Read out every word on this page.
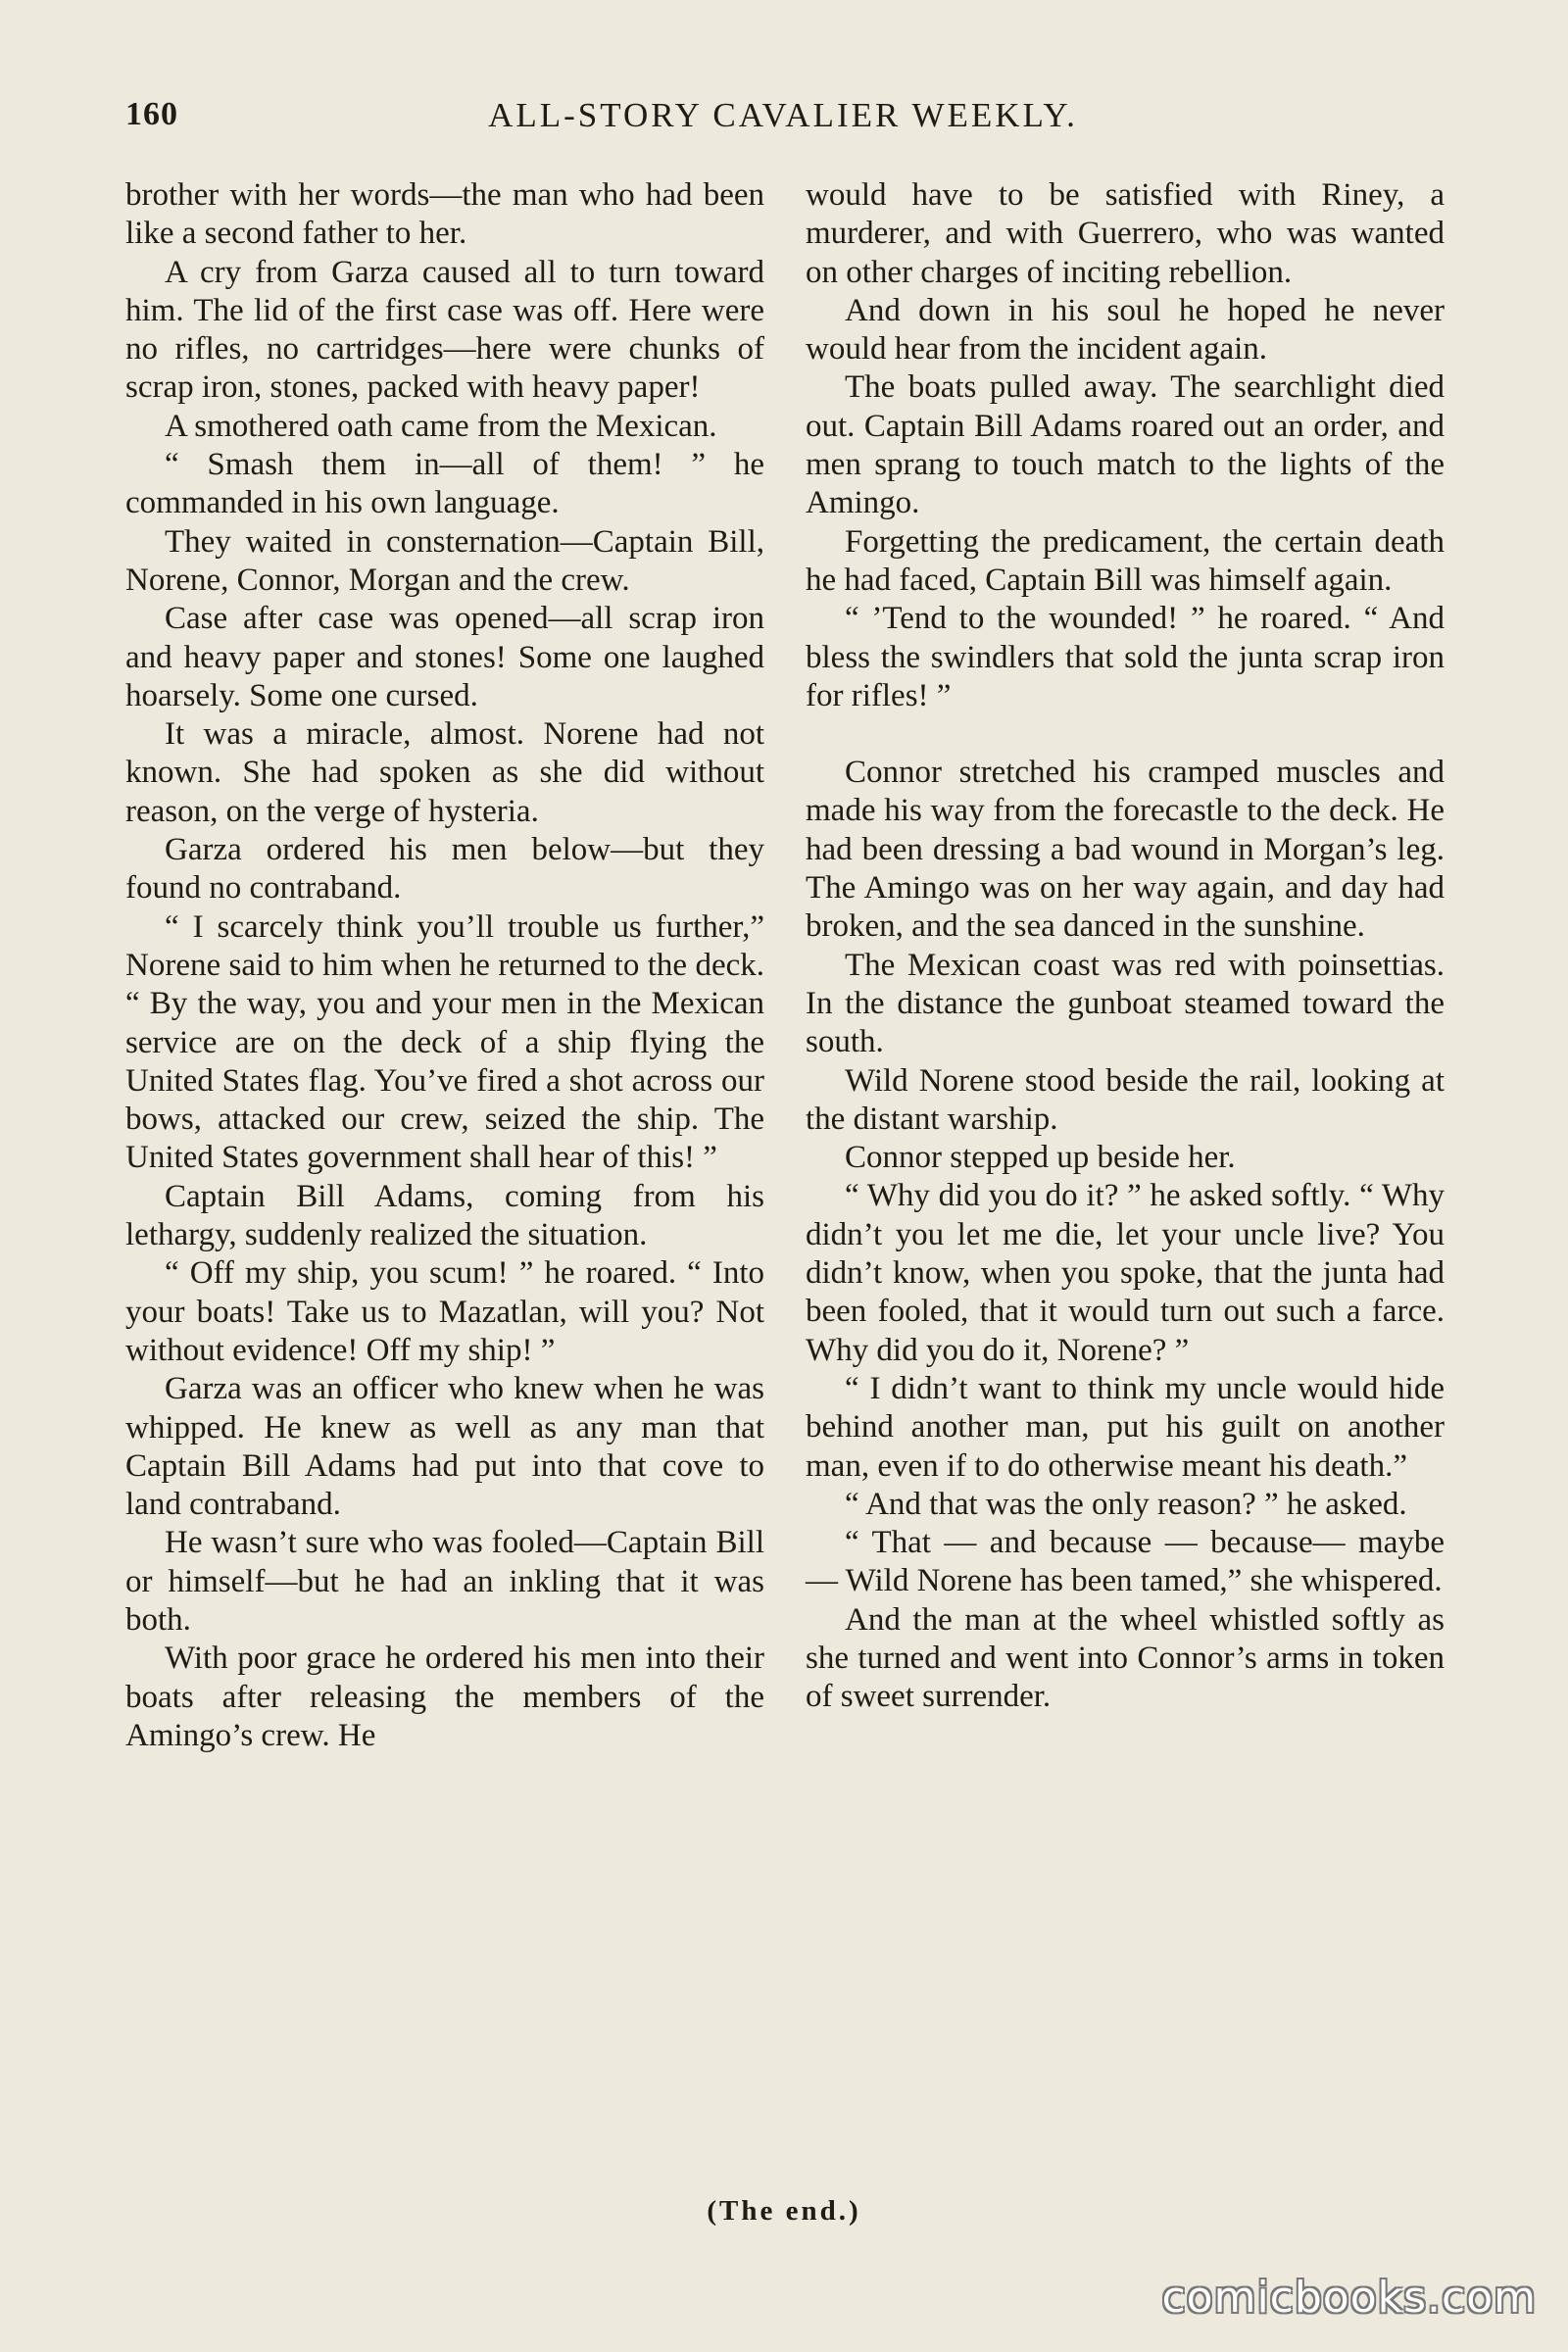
160	ALL-STORY CAVALIER WEEKLY.

brother with her words—the man who had been like a second father to her.

A cry from Garza caused all to turn toward him. The lid of the first case was off. Here were no rifles, no cartridges—here were chunks of scrap iron, stones, packed with heavy paper!

A smothered oath came from the Mexican.

“ Smash them in—all of them! ” he commanded in his own language.

They waited in consternation—Captain Bill, Norene, Connor, Morgan and the crew.

Case after case was opened—all scrap iron and heavy paper and stones! Some one laughed hoarsely. Some one cursed.

It was a miracle, almost. Norene had not known. She had spoken as she did without reason, on the verge of hysteria.

Garza ordered his men below—but they found no contraband.

“ I scarcely think you’ll trouble us further,” Norene said to him when he returned to the deck. “ By the way, you and your men in the Mexican service are on the deck of a ship flying the United States flag. You’ve fired a shot across our bows, attacked our crew, seized the ship. The United States government shall hear of this! ”

Captain Bill Adams, coming from his lethargy, suddenly realized the situation.

“ Off my ship, you scum! ” he roared. “ Into your boats! Take us to Mazatlan, will you? Not without evidence! Off my ship! ”

Garza was an officer who knew when he was whipped. He knew as well as any man that Captain Bill Adams had put into that cove to land contraband.

He wasn’t sure who was fooled—Captain Bill or himself—but he had an inkling that it was both.

With poor grace he ordered his men into their boats after releasing the members of the Amingo’s crew. He

would have to be satisfied with Riney, a murderer, and with Guerrero, who was wanted on other charges of inciting rebellion.

And down in his soul he hoped he never would hear from the incident again.

The boats pulled away. The searchlight died out. Captain Bill Adams roared out an order, and men sprang to touch match to the lights of the Amingo.

Forgetting the predicament, the certain death he had faced, Captain Bill was himself again.

“ ’Tend to the wounded! ” he roared. “ And bless the swindlers that sold the junta scrap iron for rifles! ”

Connor stretched his cramped muscles and made his way from the forecastle to the deck. He had been dressing a bad wound in Morgan’s leg. The Amingo was on her way again, and day had broken, and the sea danced in the sunshine.

The Mexican coast was red with poinsettias. In the distance the gunboat steamed toward the south.

Wild Norene stood beside the rail, looking at the distant warship.

Connor stepped up beside her.

“ Why did you do it? ” he asked softly. “ Why didn’t you let me die, let your uncle live? You didn’t know, when you spoke, that the junta had been fooled, that it would turn out such a farce. Why did you do it, Norene? ”

“ I didn’t want to think my uncle would hide behind another man, put his guilt on another man, even if to do otherwise meant his death.”

“ And that was the only reason? ” he asked.

“ That — and because — because— maybe — Wild Norene has been tamed,” she whispered.

And the man at the wheel whistled softly as she turned and went into Connor’s arms in token of sweet surrender.

(The end.)
comicbooks.com
